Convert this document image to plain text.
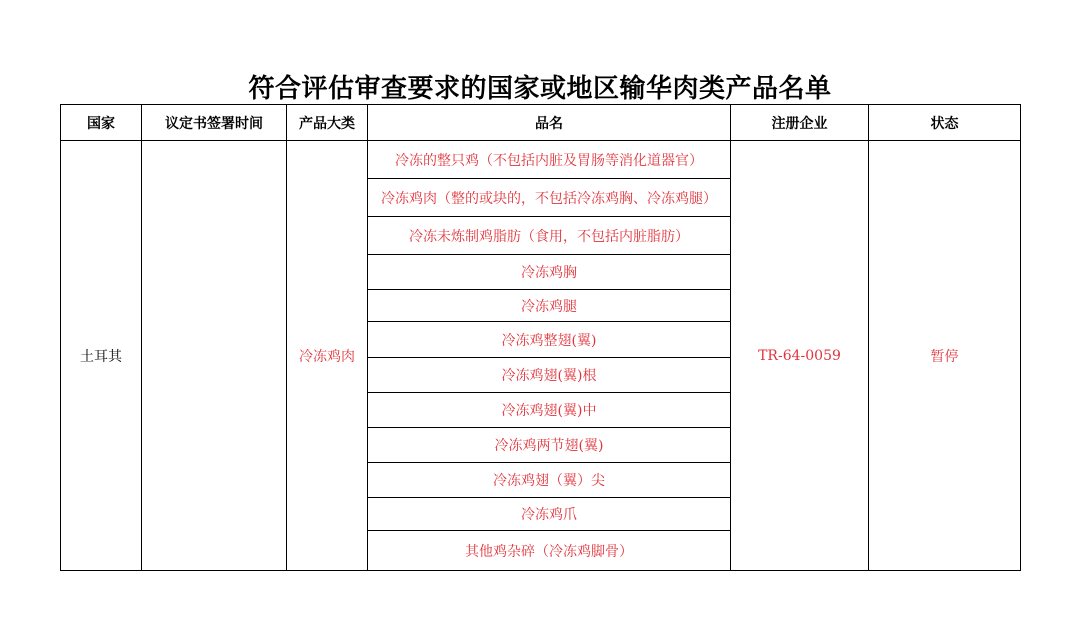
符合评估审查要求的国家或地区输华肉类产品名单
国家	议定书签署时间	产品大类	品名	注册企业	状态
土耳其		冷冻鸡肉	冷冻的整只鸡（不包括内脏及胃肠等消化道器官）	TR-64-0059	暂停
			冷冻鸡肉（整的或块的，不包括冷冻鸡胸、冷冻鸡腿）		
			冷冻未炼制鸡脂肪（食用，不包括内脏脂肪）		
			冷冻鸡胸		
			冷冻鸡腿		
			冷冻鸡整翅(翼)		
			冷冻鸡翅(翼)根		
			冷冻鸡翅(翼)中		
			冷冻鸡两节翅(翼)		
			冷冻鸡翅（翼）尖		
			冷冻鸡爪		
			其他鸡杂碎（冷冻鸡脚骨）		
